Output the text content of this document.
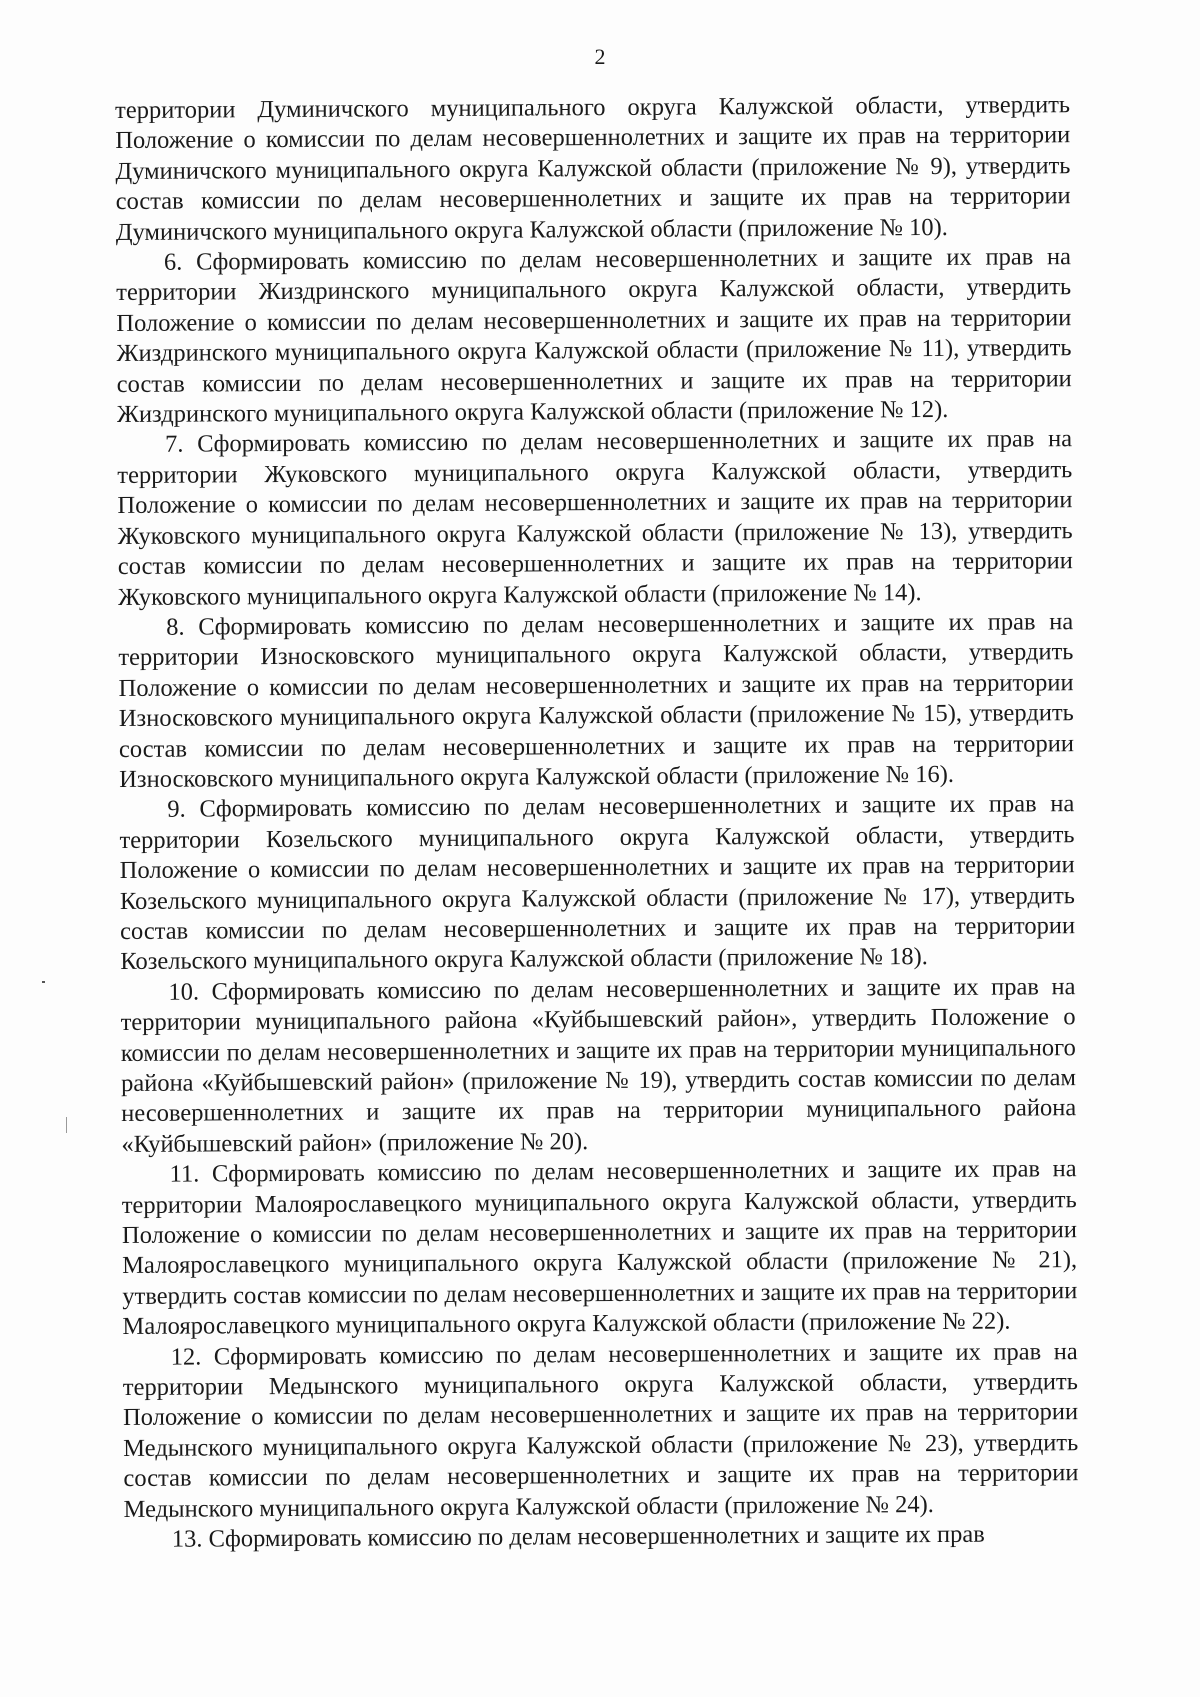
2

территории Думиничского муниципального округа Калужской области, утвердить Положение о комиссии по делам несовершеннолетних и защите их прав на территории Думиничского муниципального округа Калужской области (приложение № 9), утвердить состав комиссии по делам несовершеннолетних и защите их прав на территории Думиничского муниципального округа Калужской области (приложение № 10).

6. Сформировать комиссию по делам несовершеннолетних и защите их прав на территории Жиздринского муниципального округа Калужской области, утвердить Положение о комиссии по делам несовершеннолетних и защите их прав на территории Жиздринского муниципального округа Калужской области (приложение № 11), утвердить состав комиссии по делам несовершеннолетних и защите их прав на территории Жиздринского муниципального округа Калужской области (приложение № 12).

7. Сформировать комиссию по делам несовершеннолетних и защите их прав на территории Жуковского муниципального округа Калужской области, утвердить Положение о комиссии по делам несовершеннолетних и защите их прав на территории Жуковского муниципального округа Калужской области (приложение № 13), утвердить состав комиссии по делам несовершеннолетних и защите их прав на территории Жуковского муниципального округа Калужской области (приложение № 14).

8. Сформировать комиссию по делам несовершеннолетних и защите их прав на территории Износковского муниципального округа Калужской области, утвердить Положение о комиссии по делам несовершеннолетних и защите их прав на территории Износковского муниципального округа Калужской области (приложение № 15), утвердить состав комиссии по делам несовершеннолетних и защите их прав на территории Износковского муниципального округа Калужской области (приложение № 16).

9. Сформировать комиссию по делам несовершеннолетних и защите их прав на территории Козельского муниципального округа Калужской области, утвердить Положение о комиссии по делам несовершеннолетних и защите их прав на территории Козельского муниципального округа Калужской области (приложение № 17), утвердить состав комиссии по делам несовершеннолетних и защите их прав на территории Козельского муниципального округа Калужской области (приложение № 18).

10. Сформировать комиссию по делам несовершеннолетних и защите их прав на территории муниципального района «Куйбышевский район», утвердить Положение о комиссии по делам несовершеннолетних и защите их прав на территории муниципального района «Куйбышевский район» (приложение № 19), утвердить состав комиссии по делам несовершеннолетних и защите их прав на территории муниципального района «Куйбышевский район» (приложение № 20).

11. Сформировать комиссию по делам несовершеннолетних и защите их прав на территории Малоярославецкого муниципального округа Калужской области, утвердить Положение о комиссии по делам несовершеннолетних и защите их прав на территории Малоярославецкого муниципального округа Калужской области (приложение № 21), утвердить состав комиссии по делам несовершеннолетних и защите их прав на территории Малоярославецкого муниципального округа Калужской области (приложение № 22).

12. Сформировать комиссию по делам несовершеннолетних и защите их прав на территории Медынского муниципального округа Калужской области, утвердить Положение о комиссии по делам несовершеннолетних и защите их прав на территории Медынского муниципального округа Калужской области (приложение № 23), утвердить состав комиссии по делам несовершеннолетних и защите их прав на территории Медынского муниципального округа Калужской области (приложение № 24).

13. Сформировать комиссию по делам несовершеннолетних и защите их прав
